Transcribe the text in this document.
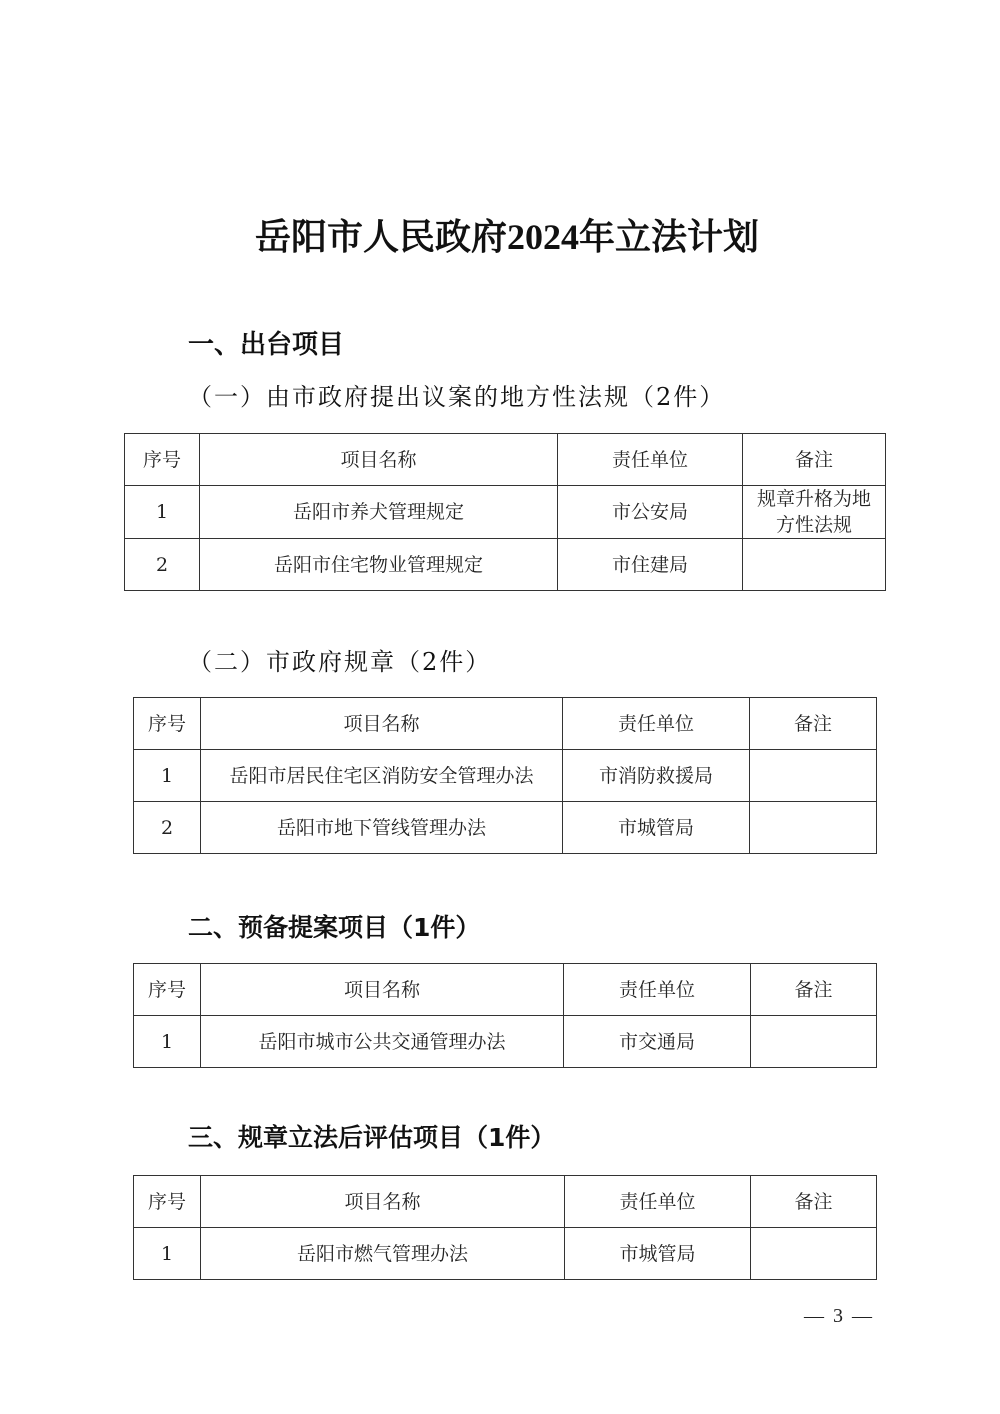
岳阳市人民政府2024年立法计划
一、出台项目
（一）由市政府提出议案的地方性法规（2件）
序号	项目名称	责任单位	备注
1	岳阳市养犬管理规定	市公安局	规章升格为地方性法规
2	岳阳市住宅物业管理规定	市住建局	
（二）市政府规章（2件）
序号	项目名称	责任单位	备注
1	岳阳市居民住宅区消防安全管理办法	市消防救援局	
2	岳阳市地下管线管理办法	市城管局	
二、预备提案项目（1件）
序号	项目名称	责任单位	备注
1	岳阳市城市公共交通管理办法	市交通局	
三、规章立法后评估项目（1件）
序号	项目名称	责任单位	备注
1	岳阳市燃气管理办法	市城管局	
— 3 —
